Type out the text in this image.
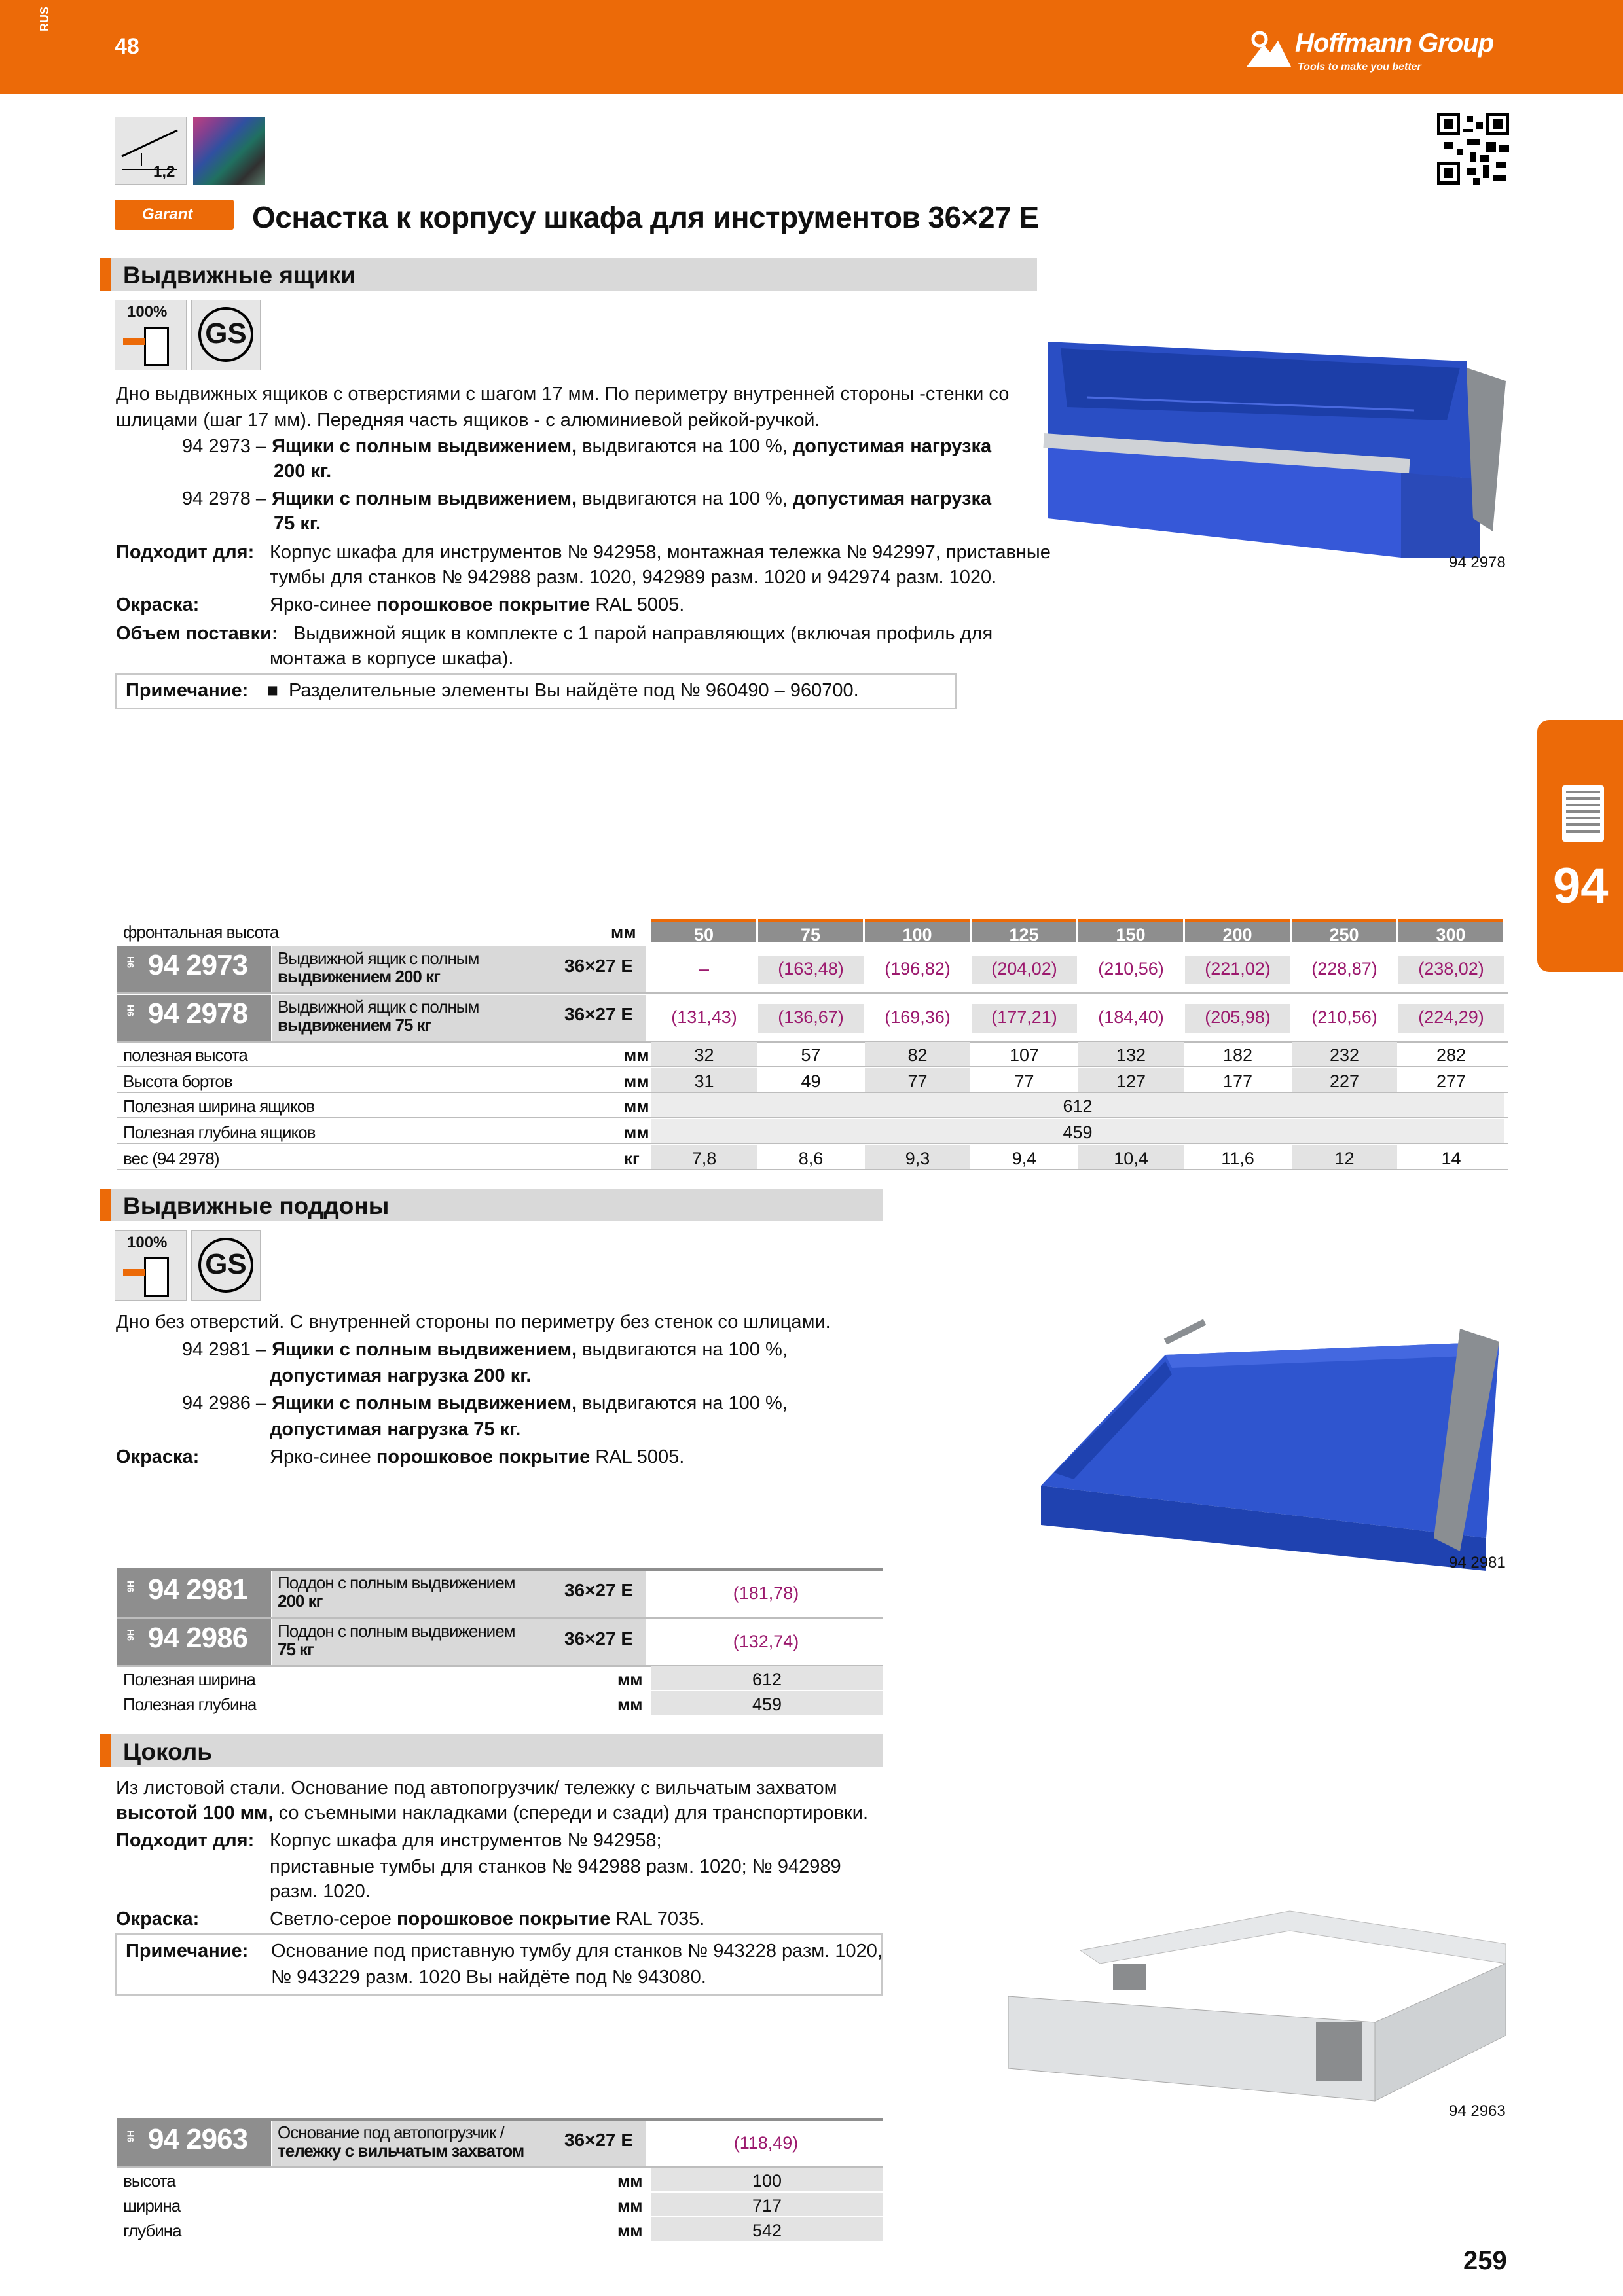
RUS
48	Hoffmann Group
Tools to make you better
1,2
Garant	Оснастка к корпусу шкафа для инструментов 36×27 E
94
Выдвижные ящики
100%
GS
Дно выдвижных ящиков с отверстиями с шагом 17 мм. По периметру внутренней стороны -стенки со
шлицами (шаг 17 мм). Передняя часть ящиков - с алюминиевой рейкой-ручкой.
94 2973 – Ящики с полным выдвижением, выдвигаются на 100 %, допустимая нагрузка
200 кг.
94 2978 – Ящики с полным выдвижением, выдвигаются на 100 %, допустимая нагрузка
75 кг.
Подходит для: Корпус шкафа для инструментов № 942958, монтажная тележка № 942997, приставные
тумбы для станков № 942988 разм. 1020, 942989 разм. 1020 и 942974 разм. 1020.
Окраска:	Ярко-синее порошковое покрытие RAL 5005.
Объем поставки: Выдвижной ящик в комплекте с 1 парой направляющих (включая профиль для
монтажа в корпусе шкафа).
Примечание: ■ Разделительные элементы Вы найдёте под № 960490 – 960700.
94 2978
Выдвижные поддоны
100%
GS
Дно без отверстий. С внутренней стороны по периметру без стенок со шлицами.
94 2981 – Ящики с полным выдвижением, выдвигаются на 100 %,
допустимая нагрузка 200 кг.
94 2986 – Ящики с полным выдвижением, выдвигаются на 100 %,
допустимая нагрузка 75 кг.
Окраска:	Ярко-синее порошковое покрытие RAL 5005.
94 2981
Цоколь
Из листовой стали. Основание под автопогрузчик/ тележку с вильчатым захватом
высотой 100 мм, со съемными накладками (спереди и сзади) для транспортировки.
Подходит для: Корпус шкафа для инструментов № 942958;
приставные тумбы для станков № 942988 разм. 1020; № 942989
разм. 1020.
Окраска:	Светло-серое порошковое покрытие RAL 7035.
Примечание: Основание под приставную тумбу для станков № 943228 разм. 1020,
№ 943229 разм. 1020 Вы найдёте под № 943080.
94 2963
259
фронтальная высота	мм	50	75	100	125	150	200	250	300
9H 94 2973 Выдвижной ящик с полным
выдвижением 200 кг
36×27 E	–	(163,48)	(196,82)	(204,02)	(210,56)	(221,02)	(228,87)	(238,02)
9H 94 2978 Выдвижной ящик с полным
выдвижением 75 кг
36×27 E	(131,43)	(136,67)	(169,36)	(177,21)	(184,40)	(205,98)	(210,56)	(224,29)
полезная высота	мм	32	57	82	107	132	182	232	282
Высота бортов	мм	31	49	77	77	127	177	227	277
Полезная ширина ящиков	мм	612
Полезная глубина ящиков	мм	459
вес (94 2978)	кг	7,8	8,6	9,3	9,4	10,4	11,6	12	14
9H 94 2981 Поддон с полным выдвижением
200 кг
36×27 E	(181,78)
9H 94 2986 Поддон с полным выдвижением
75 кг
36×27 E	(132,74)
Полезная ширина	мм	612
Полезная глубина	мм	459
9H 94 2963 Основание под автопогрузчик /
тележку с вильчатым захватом
36×27 E	(118,49)
высота	мм	100
ширина	мм	717
глубина	мм	542
